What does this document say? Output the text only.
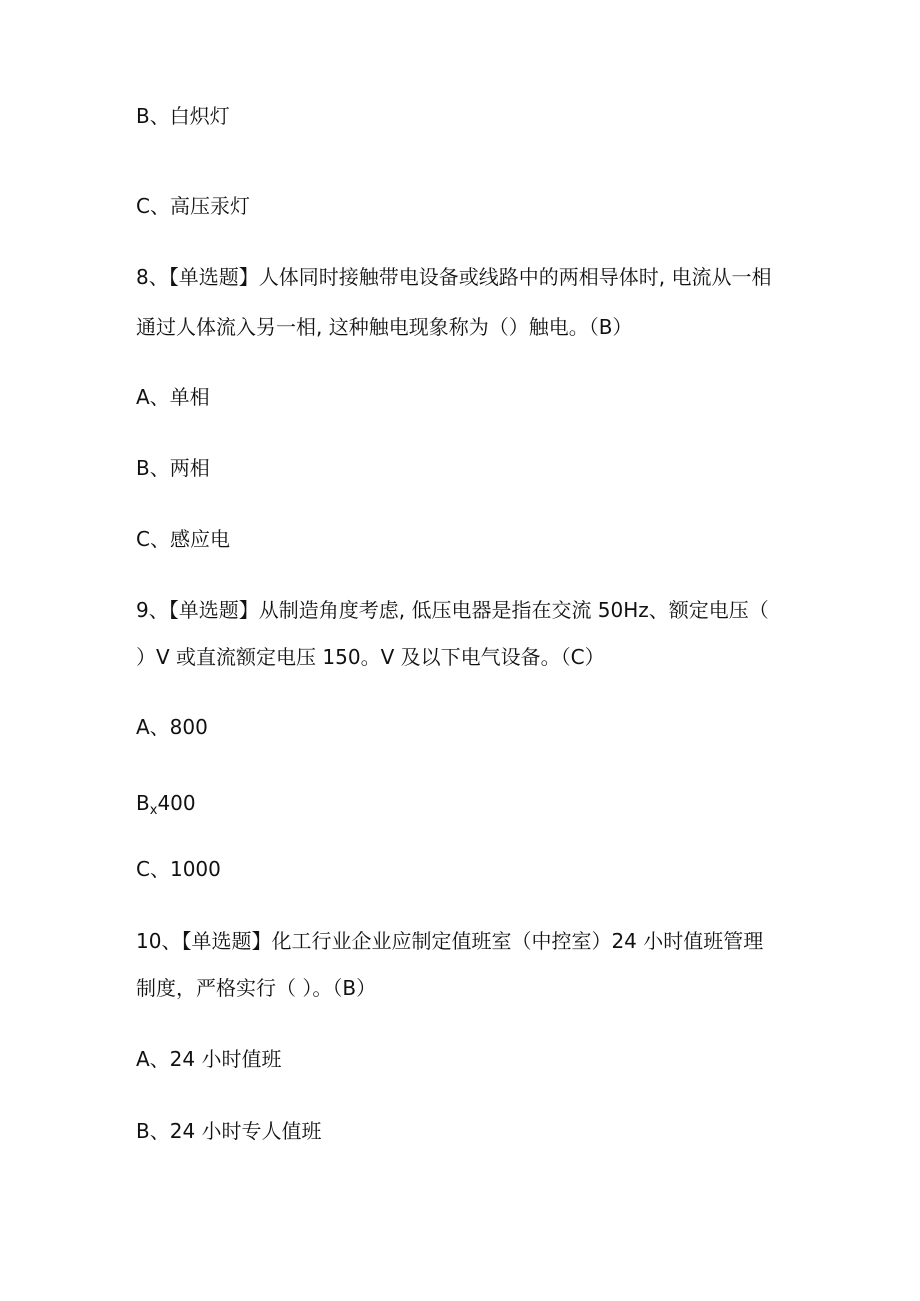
B、白炽灯
C、高压汞灯
8、【单选题】人体同时接触带电设备或线路中的两相导体时, 电流从一相
通过人体流入另一相, 这种触电现象称为（）触电。（B）
A、单相
B、两相
C、感应电
9、【单选题】从制造角度考虑, 低压电器是指在交流 50Hz、额定电压（
）V 或直流额定电压 150。V 及以下电气设备。（C）
A、800
$B_x400$
C、1000
10、【单选题】化工行业企业应制定值班室（中控室）24 小时值班管理
制度，严格实行（ ）。（B）
A、24 小时值班
B、24 小时专人值班
